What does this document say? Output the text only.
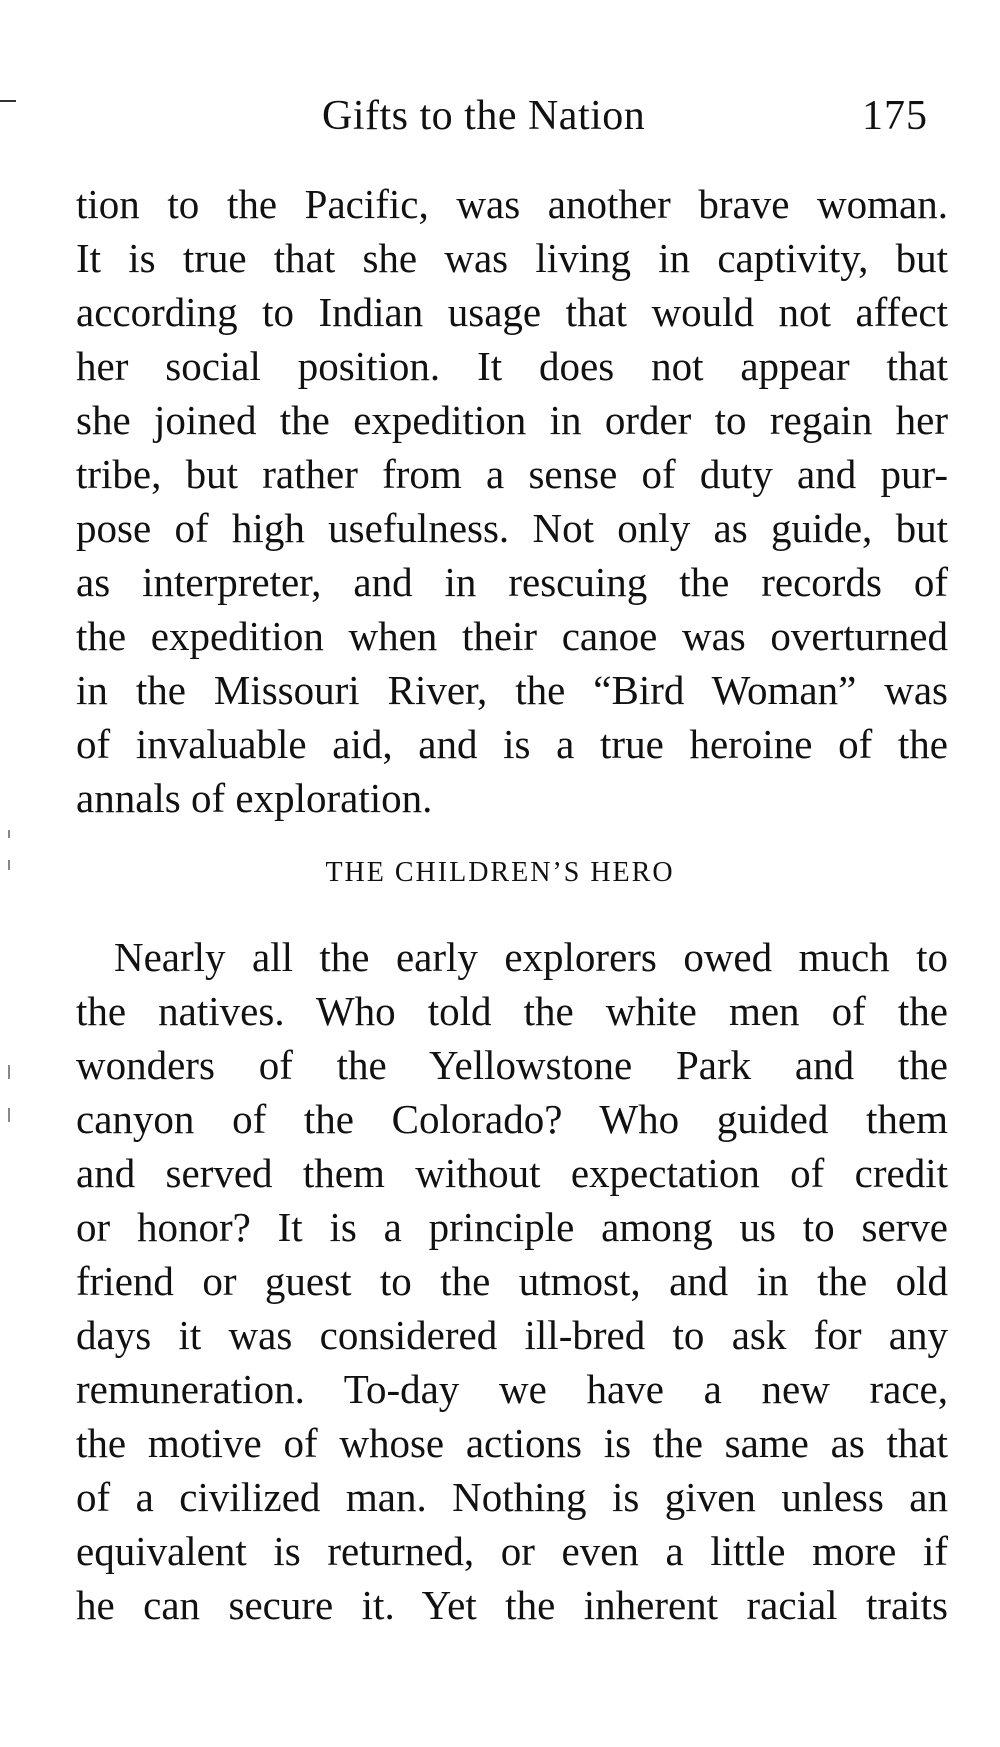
Gifts to the Nation	175
tion to the Pacific, was another brave woman.
It is true that she was living in captivity, but
according to Indian usage that would not affect
her social position. It does not appear that
she joined the expedition in order to regain her
tribe, but rather from a sense of duty and pur-
pose of high usefulness. Not only as guide, but
as interpreter, and in rescuing the records of
the expedition when their canoe was overturned
in the Missouri River, the “Bird Woman” was
of invaluable aid, and is a true heroine of the
annals of exploration.
THE CHILDREN’S HERO
Nearly all the early explorers owed much to
the natives. Who told the white men of the
wonders of the Yellowstone Park and the
canyon of the Colorado? Who guided them
and served them without expectation of credit
or honor? It is a principle among us to serve
friend or guest to the utmost, and in the old
days it was considered ill-bred to ask for any
remuneration. To-day we have a new race,
the motive of whose actions is the same as that
of a civilized man. Nothing is given unless an
equivalent is returned, or even a little more if
he can secure it. Yet the inherent racial traits
